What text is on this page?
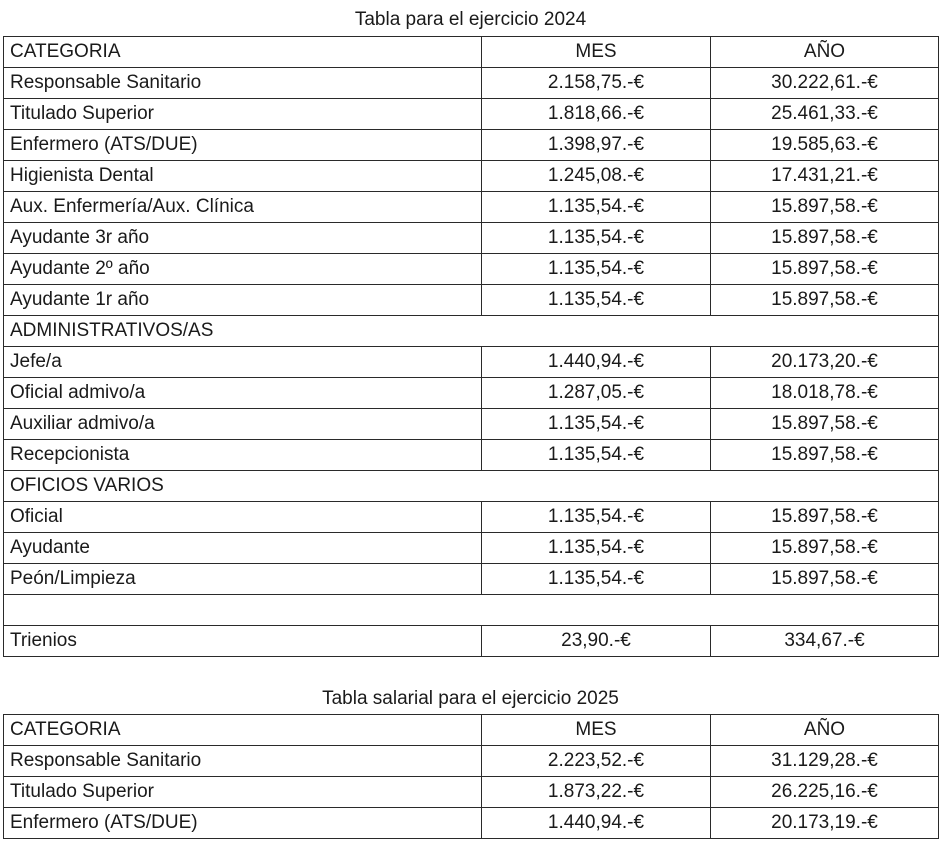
Tabla para el ejercicio 2024
CATEGORIA	MES	AÑO
Responsable Sanitario	2.158,75.-€	30.222,61.-€
Titulado Superior	1.818,66.-€	25.461,33.-€
Enfermero (ATS/DUE)	1.398,97.-€	19.585,63.-€
Higienista Dental	1.245,08.-€	17.431,21.-€
Aux. Enfermería/Aux. Clínica	1.135,54.-€	15.897,58.-€
Ayudante 3r año	1.135,54.-€	15.897,58.-€
Ayudante 2º año	1.135,54.-€	15.897,58.-€
Ayudante 1r año	1.135,54.-€	15.897,58.-€
ADMINISTRATIVOS/AS		
Jefe/a	1.440,94.-€	20.173,20.-€
Oficial admivo/a	1.287,05.-€	18.018,78.-€
Auxiliar admivo/a	1.135,54.-€	15.897,58.-€
Recepcionista	1.135,54.-€	15.897,58.-€
OFICIOS VARIOS		
Oficial	1.135,54.-€	15.897,58.-€
Ayudante	1.135,54.-€	15.897,58.-€
Peón/Limpieza	1.135,54.-€	15.897,58.-€

Trienios	23,90.-€	334,67.-€
Tabla salarial para el ejercicio 2025
CATEGORIA	MES	AÑO
Responsable Sanitario	2.223,52.-€	31.129,28.-€
Titulado Superior	1.873,22.-€	26.225,16.-€
Enfermero (ATS/DUE)	1.440,94.-€	20.173,19.-€
